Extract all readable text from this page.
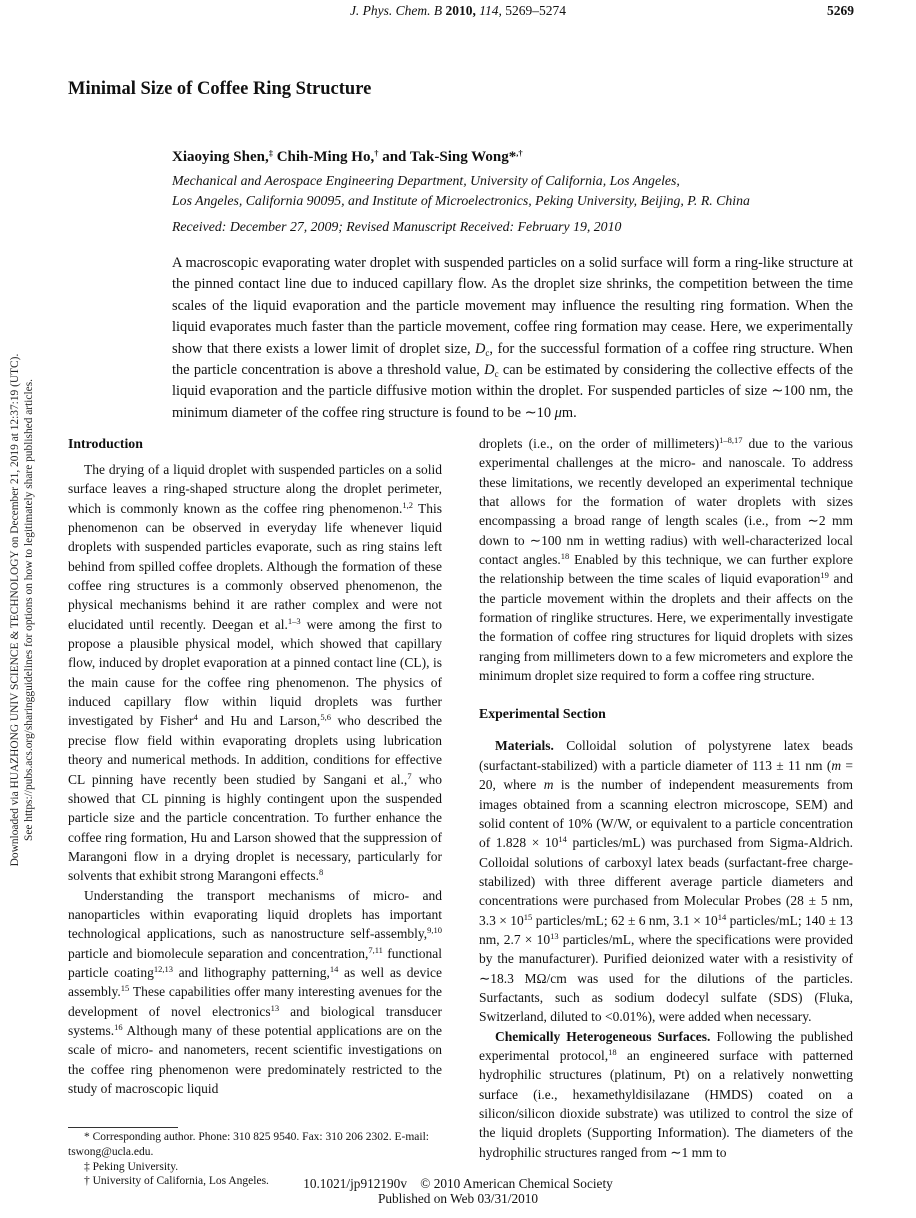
J. Phys. Chem. B 2010, 114, 5269–5274	5269
Minimal Size of Coffee Ring Structure
Xiaoying Shen,‡ Chih-Ming Ho,† and Tak-Sing Wong*,†
Mechanical and Aerospace Engineering Department, University of California, Los Angeles,
Los Angeles, California 90095, and Institute of Microelectronics, Peking University, Beijing, P. R. China
Received: December 27, 2009; Revised Manuscript Received: February 19, 2010
A macroscopic evaporating water droplet with suspended particles on a solid surface will form a ring-like structure at the pinned contact line due to induced capillary flow. As the droplet size shrinks, the competition between the time scales of the liquid evaporation and the particle movement may influence the resulting ring formation. When the liquid evaporates much faster than the particle movement, coffee ring formation may cease. Here, we experimentally show that there exists a lower limit of droplet size, $D_c$, for the successful formation of a coffee ring structure. When the particle concentration is above a threshold value, $D_c$ can be estimated by considering the collective effects of the liquid evaporation and the particle diffusive motion within the droplet. For suspended particles of size ∼100 nm, the minimum diameter of the coffee ring structure is found to be ∼10 μm.
Introduction

The drying of a liquid droplet with suspended particles on a solid surface leaves a ring-shaped structure along the droplet perimeter, which is commonly known as the coffee ring phenomenon.$^{1,2}$ This phenomenon can be observed in everyday life whenever liquid droplets with suspended particles evaporate, such as ring stains left behind from spilled coffee droplets. Although the formation of these coffee ring structures is a commonly observed phenomenon, the physical mechanisms behind it are rather complex and were not elucidated until recently. Deegan et al.$^{1-3}$ were among the first to propose a plausible physical model, which showed that capillary flow, induced by droplet evaporation at a pinned contact line (CL), is the main cause for the coffee ring phenomenon. The physics of induced capillary flow within liquid droplets was further investigated by Fisher$^4$ and Hu and Larson,$^{5,6}$ who described the precise flow field within evaporating droplets using lubrication theory and numerical methods. In addition, conditions for effective CL pinning have recently been studied by Sangani et al.,$^7$ who showed that CL pinning is highly contingent upon the suspended particle size and the particle concentration. To further enhance the coffee ring formation, Hu and Larson showed that the suppression of Marangoni flow in a drying droplet is necessary, particularly for solvents that exhibit strong Marangoni effects.$^8$

Understanding the transport mechanisms of micro- and nanoparticles within evaporating liquid droplets has important technological applications, such as nanostructure self-assembly,$^{9,10}$ particle and biomolecule separation and concentration,$^{7,11}$ functional particle coating$^{12,13}$ and lithography patterning,$^{14}$ as well as device assembly.$^{15}$ These capabilities offer many interesting avenues for the development of novel electronics$^{13}$ and biological transducer systems.$^{16}$ Although many of these potential applications are on the scale of micro- and nanometers, recent scientific investigations on the coffee ring phenomenon were predominately restricted to the study of macroscopic liquid

* Corresponding author. Phone: 310 825 9540. Fax: 310 206 2302. E-mail: tswong@ucla.edu.
‡ Peking University.
† University of California, Los Angeles.

droplets (i.e., on the order of millimeters)$^{1-8,17}$ due to the various experimental challenges at the micro- and nanoscale. To address these limitations, we recently developed an experimental technique that allows for the formation of water droplets with sizes encompassing a broad range of length scales (i.e., from ∼2 mm down to ∼100 nm in wetting radius) with well-characterized local contact angles.$^{18}$ Enabled by this technique, we can further explore the relationship between the time scales of liquid evaporation$^{19}$ and the particle movement within the droplets and their affects on the formation of ringlike structures. Here, we experimentally investigate the formation of coffee ring structures for liquid droplets with sizes ranging from millimeters down to a few micrometers and explore the minimum droplet size required to form a coffee ring structure.

Experimental Section

Materials. Colloidal solution of polystyrene latex beads (surfactant-stabilized) with a particle diameter of 113 ± 11 nm (m = 20, where m is the number of independent measurements from images obtained from a scanning electron microscope, SEM) and solid content of 10% (W/W, or equivalent to a particle concentration of $1.828 \times 10^{14}$ particles/mL) was purchased from Sigma-Aldrich. Colloidal solutions of carboxyl latex beads (surfactant-free charge-stabilized) with three different average particle diameters and concentrations were purchased from Molecular Probes (28 ± 5 nm, $3.3 \times 10^{15}$ particles/mL; 62 ± 6 nm, $3.1 \times 10^{14}$ particles/mL; 140 ± 13 nm, $2.7 \times 10^{13}$ particles/mL, where the specifications were provided by the manufacturer). Purified deionized water with a resistivity of ∼18.3 MΩ/cm was used for the dilutions of the particles. Surfactants, such as sodium dodecyl sulfate (SDS) (Fluka, Switzerland, diluted to <0.01%), were added when necessary.

Chemically Heterogeneous Surfaces. Following the published experimental protocol,$^{18}$ an engineered surface with patterned hydrophilic structures (platinum, Pt) on a relatively nonwetting surface (i.e., hexamethyldisilazane (HMDS) coated on a silicon/silicon dioxide substrate) was utilized to control the size of the liquid droplets (Supporting Information). The diameters of the hydrophilic structures ranged from ∼1 mm to

10.1021/jp912190v © 2010 American Chemical Society
Published on Web 03/31/2010
Downloaded via HUAZHONG UNIV SCIENCE & TECHNOLOGY on December 21, 2019 at 12:37:19 (UTC). See https://pubs.acs.org/sharingguidelines for options on how to legitimately share published articles.
